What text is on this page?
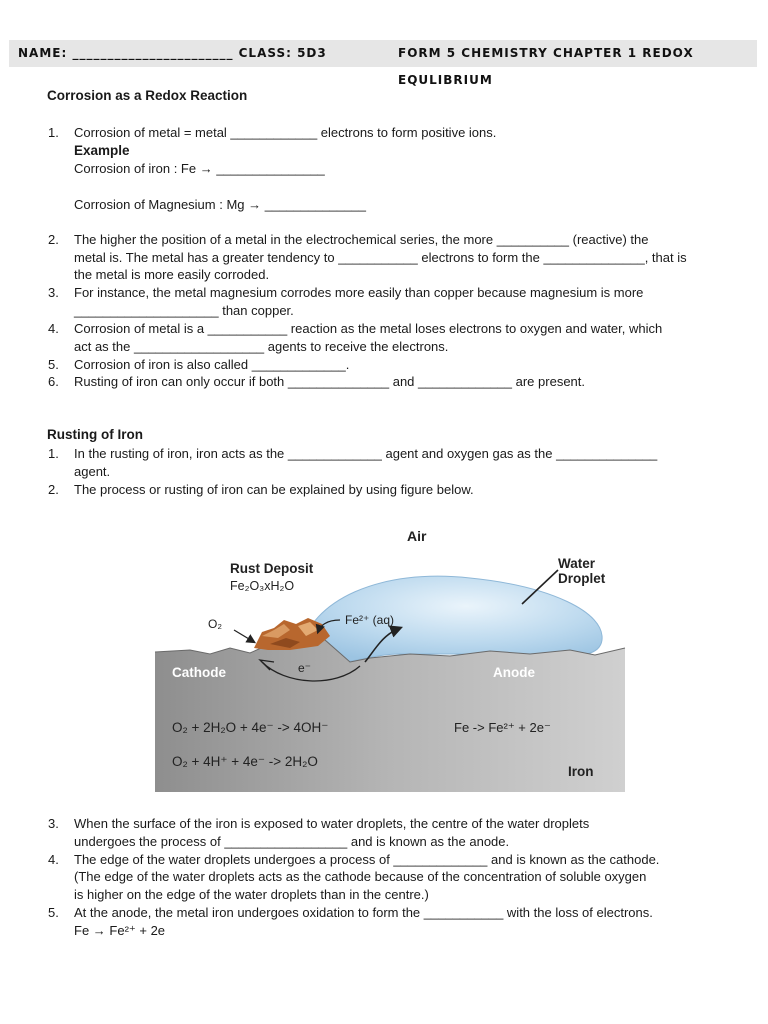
NAME: _______________________ CLASS: 5D3	FORM 5 CHEMISTRY CHAPTER 1 REDOX EQULIBRIUM
Corrosion as a Redox Reaction
1.	Corrosion of metal = metal ____________ electrons to form positive ions.
Example
Corrosion of iron : Fe → _______________
Corrosion of Magnesium : Mg → ______________
2.	The higher the position of a metal in the electrochemical series, the more __________ (reactive) the
metal is. The metal has a greater tendency to ___________ electrons to form the ______________, that is
the metal is more easily corroded.
3.	For instance, the metal magnesium corrodes more easily than copper because magnesium is more
____________________ than copper.
4.	Corrosion of metal is a ___________ reaction as the metal loses electrons to oxygen and water, which
act as the __________________ agents to receive the electrons.
5.	Corrosion of iron is also called _____________.
6.	Rusting of iron can only occur if both ______________ and _____________ are present.
Rusting of Iron
1.	In the rusting of iron, iron acts as the _____________ agent and oxygen gas as the ______________
agent.
2.	The process or rusting of iron can be explained by using figure below.
Air
Rust Deposit
Fe₂O₃xH₂O
Water
Droplet
O₂	Fe²⁺ (aq)
e⁻
Cathode	Anode
O₂ + 2H₂O + 4e⁻ -> 4OH⁻
O₂ + 4H⁺ + 4e⁻ -> 2H₂O
Fe -> Fe²⁺ + 2e⁻
Iron
3.	When the surface of the iron is exposed to water droplets, the centre of the water droplets
undergoes the process of _________________ and is known as the anode.
4.	The edge of the water droplets undergoes a process of _____________ and is known as the cathode.
(The edge of the water droplets acts as the cathode because of the concentration of soluble oxygen
is higher on the edge of the water droplets than in the centre.)
5.	At the anode, the metal iron undergoes oxidation to form the ___________ with the loss of electrons.
Fe → Fe²⁺ + 2e
